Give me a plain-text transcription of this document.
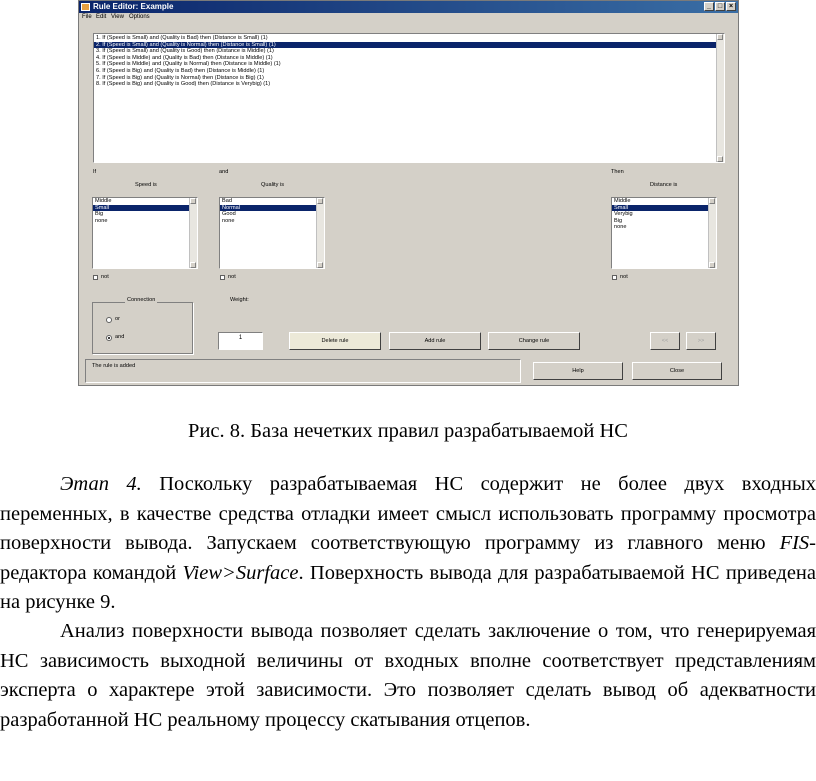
Rule Editor: Example	_ □ ×
File Edit View Options
1. If (Speed is Small) and (Quality is Bad) then (Distance is Small) (1)
2. If (Speed is Small) and (Quality is Normal) then (Distance is Small) (1)
3. If (Speed is Small) and (Quality is Good) then (Distance is Middle) (1)
4. If (Speed is Middle) and (Quality is Bad) then (Distance is Middle) (1)
5. If (Speed is Middle) and (Quality is Normal) then (Distance is Middle) (1)
6. If (Speed is Big) and (Quality is Bad) then (Distance is Middle) (1)
7. If (Speed is Big) and (Quality is Normal) then (Distance is Big) (1)
8. If (Speed is Big) and (Quality is Good) then (Distance is Verybig) (1)
If	and	Then
Speed is	Quality is	Distance is
Middle
Small
Big
none
Bad
Normal
Good
none
Middle
Small
Verybig
Big
none
not	not	not
Connection
or
and
Weight:
1	Delete rule	Add rule	Change rule	<<	>>
The rule is added
Help	Close
Рис. 8. База нечетких правил разрабатываемой НС
Этап 4. Поскольку разрабатываемая НС содержит не более двух входных переменных, в качестве средства отладки имеет смысл использовать программу просмотра поверхности вывода. Запускаем соответствующую программу из главного меню FIS-редактора командой View>Surface. Поверхность вывода для разрабатываемой НС приведена на рисунке 9.
Анализ поверхности вывода позволяет сделать заключение о том, что генерируемая НС зависимость выходной величины от входных вполне соответствует представлениям эксперта о характере этой зависимости. Это позволяет сделать вывод об адекватности разработанной НС реальному процессу скатывания отцепов.
